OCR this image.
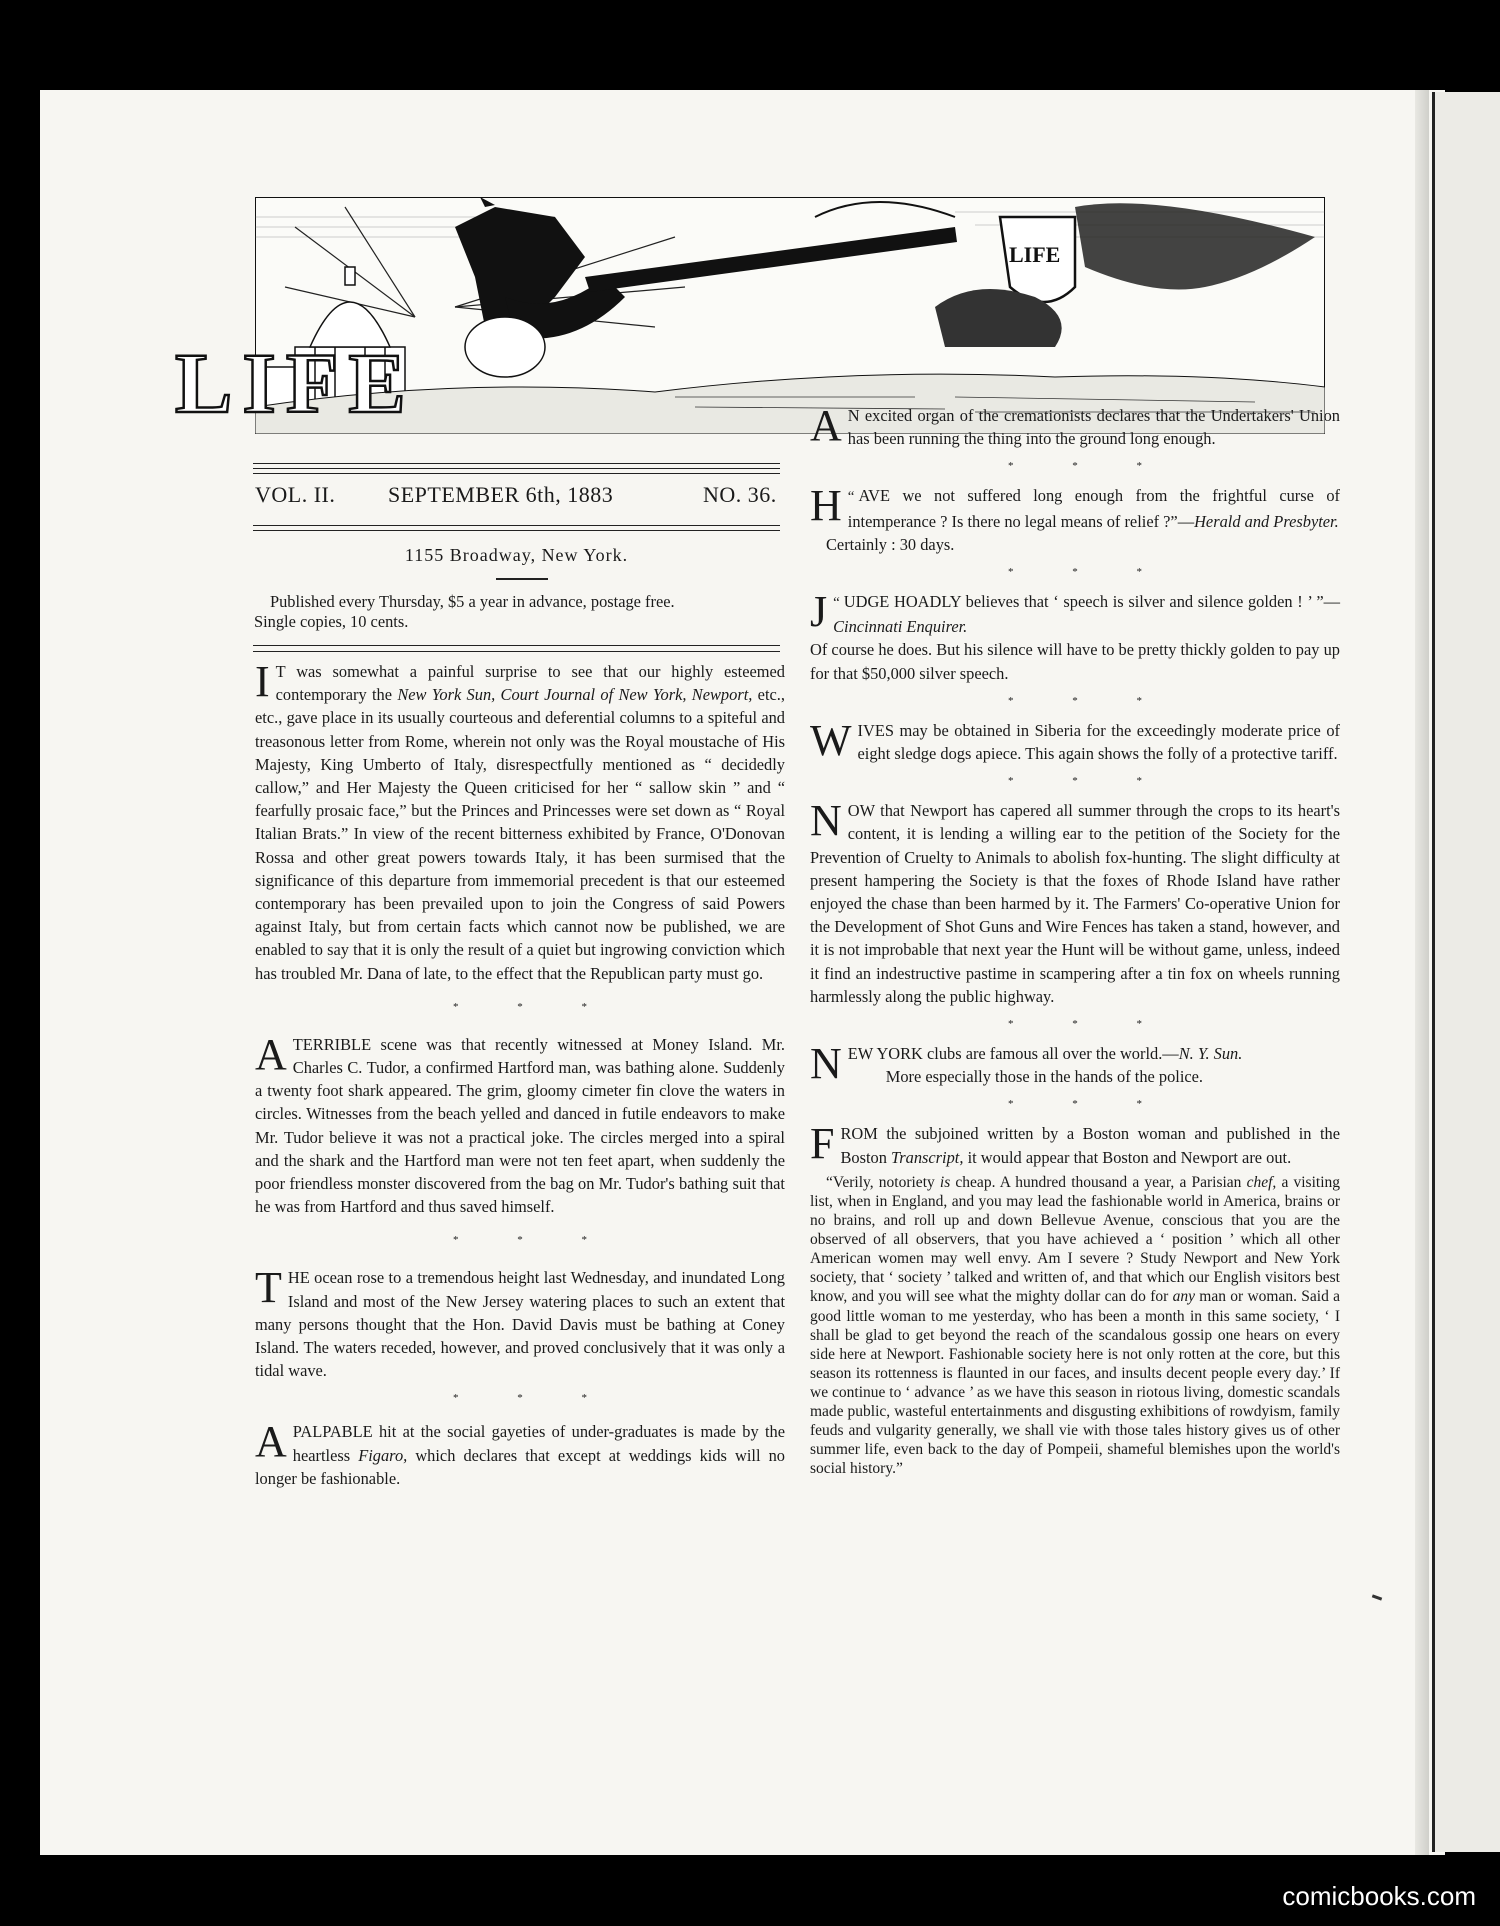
LIFE
LIFE
VOL. II. SEPTEMBER 6th, 1883	NO. 36.
1155 Broadway, New York.

Published every Thursday, $5 a year in advance, postage free.

Single copies, 10 cents.

I T was somewhat a painful surprise to see that our highly esteemed contemporary the New York Sun, Court Journal of New York, Newport, etc., etc., gave place in its usually courteous and deferential columns to a spiteful and treasonous letter from Rome, wherein not only was the Royal moustache of His Majesty, King Umberto of Italy, disrespectfully mentioned as “ decidedly callow,” and Her Majesty the Queen criticised for her “ sallow skin ” and “ fearfully prosaic face,” but the Princes and Princesses were set down as “ Royal Italian Brats.” In view of the recent bitterness exhibited by France, O'Donovan Rossa and other great powers towards Italy, it has been surmised that the significance of this departure from immemorial precedent is that our esteemed contemporary has been prevailed upon to join the Congress of said Powers against Italy, but from certain facts which cannot now be published, we are enabled to say that it is only the result of a quiet but ingrowing conviction which has troubled Mr. Dana of late, to the effect that the Republican party must go.

* * *

A TERRIBLE scene was that recently witnessed at Money Island. Mr. Charles C. Tudor, a confirmed Hartford man, was bathing alone. Suddenly a twenty foot shark appeared. The grim, gloomy cimeter fin clove the waters in circles. Witnesses from the beach yelled and danced in futile endeavors to make Mr. Tudor believe it was not a practical joke. The circles merged into a spiral and the shark and the Hartford man were not ten feet apart, when suddenly the poor friendless monster discovered from the bag on Mr. Tudor's bathing suit that he was from Hartford and thus saved himself.

* * *

THE ocean rose to a tremendous height last Wednesday, and inundated Long Island and most of the New Jersey watering places to such an extent that many persons thought that the Hon. David Davis must be bathing at Coney Island. The waters receded, however, and proved conclusively that it was only a tidal wave.

* * *

A PALPABLE hit at the social gayeties of under-graduates is made by the heartless Figaro, which declares that except at weddings kids will no longer be fashionable.

A N excited organ of the cremationists declares that the Undertakers' Union has been running the thing into the ground long enough.

* * *

“
H AVE we not suffered long enough from the frightful curse of intemperance ? Is there no legal means of relief ?”—Herald and Presbyter.
Certainly : 30 days.

* * *

“
J UDGE HOADLY believes that ‘ speech is silver and silence golden ! ’ ”—Cincinnati Enquirer.
Of course he does. But his silence will have to be pretty thickly golden to pay up for that $50,000 silver speech.

* * *

WIVES may be obtained in Siberia for the exceedingly moderate price of eight sledge dogs apiece. This again shows the folly of a protective tariff.

* * *

NOW that Newport has capered all summer through the crops to its heart's content, it is lending a willing ear to the petition of the Society for the Prevention of Cruelty to Animals to abolish fox-hunting. The slight difficulty at present hampering the Society is that the foxes of Rhode Island have rather enjoyed the chase than been harmed by it. The Farmers' Co-operative Union for the Development of Shot Guns and Wire Fences has taken a stand, however, and it is not improbable that next year the Hunt will be without game, unless, indeed it find an indestructive pastime in scampering after a tin fox on wheels running harmlessly along the public highway.

* * *

NEW YORK clubs are famous all over the world.—N. Y. Sun.
More especially those in the hands of the police.

* * *

FROM the subjoined written by a Boston woman and published in the Boston Transcript, it would appear that Boston and Newport are out.

“Verily, notoriety is cheap. A hundred thousand a year, a Parisian chef, a visiting list, when in England, and you may lead the fashionable world in America, brains or no brains, and roll up and down Bellevue Avenue, conscious that you are the observed of all observers, that you have achieved a ‘ position ’ which all other American women may well envy. Am I severe ? Study Newport and New York society, that ‘ society ’ talked and written of, and that which our English visitors best know, and you will see what the mighty dollar can do for any man or woman. Said a good little woman to me yesterday, who has been a month in this same society, ‘ I shall be glad to get beyond the reach of the scandalous gossip one hears on every side here at Newport. Fashionable society here is not only rotten at the core, but this season its rottenness is flaunted in our faces, and insults decent people every day.’ If we continue to ‘ advance ’ as we have this season in riotous living, domestic scandals made public, wasteful entertainments and disgusting exhibitions of rowdyism, family feuds and vulgarity generally, we shall vie with those tales history gives us of other summer life, even back to the day of Pompeii, shameful blemishes upon the world's social history.”

comicbooks.com
